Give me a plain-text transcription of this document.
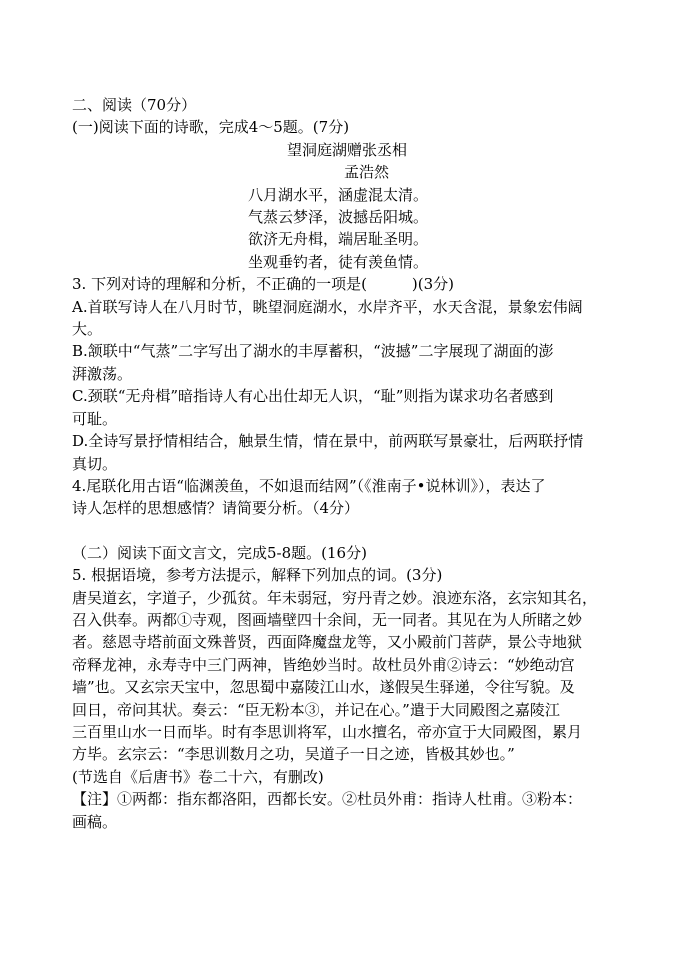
二、阅读（70分）
(一)阅读下面的诗歌，完成4～5题。(7分)
望洞庭湖赠张丞相
孟浩然
八月湖水平，涵虚混太清。
气蒸云梦泽，波撼岳阳城。
欲济无舟楫，端居耻圣明。
坐观垂钓者，徒有羡鱼情。
3. 下列对诗的理解和分析，不正确的一项是(　　　)(3分)
A.首联写诗人在八月时节，眺望洞庭湖水，水岸齐平，水天含混，景象宏伟阔
大。
B.颔联中“气蒸”二字写出了湖水的丰厚蓄积，“波撼”二字展现了湖面的澎
湃激荡。
C.颈联“无舟楫”暗指诗人有心出仕却无人识，“耻”则指为谋求功名者感到
可耻。
D.全诗写景抒情相结合，触景生情，情在景中，前两联写景豪壮，后两联抒情
真切。
4.尾联化用古语“临渊羡鱼，不如退而结网”（《淮南子•说林训》），表达了
诗人怎样的思想感情？请简要分析。（4分）
（二）阅读下面文言文，完成5-8题。(16分)
5. 根据语境，参考方法提示，解释下列加点的词。(3分)
唐吴道玄，字道子，少孤贫。年未弱冠，穷丹青之妙。浪迹东洛，玄宗知其名，
召入供奉。两都①寺观，图画墙壁四十余间，无一同者。其见在为人所睹之妙
者。慈恩寺塔前面文殊普贤，西面降魔盘龙等，又小殿前门菩萨，景公寺地狱
帝释龙神，永寿寺中三门两神，皆绝妙当时。故杜员外甫②诗云：“妙绝动宫
墙”也。又玄宗天宝中，忽思蜀中嘉陵江山水，遂假吴生驿递，令往写貌。及
回日，帝问其状。奏云：“臣无粉本③，并记在心。”遣于大同殿图之嘉陵江
三百里山水一日而毕。时有李思训将军，山水擅名，帝亦宣于大同殿图，累月
方毕。玄宗云：“李思训数月之功，吴道子一日之迹，皆极其妙也。”
(节选自《后唐书》卷二十六，有删改)
【注】①两都：指东都洛阳，西都长安。②杜员外甫：指诗人杜甫。③粉本：
画稿。
